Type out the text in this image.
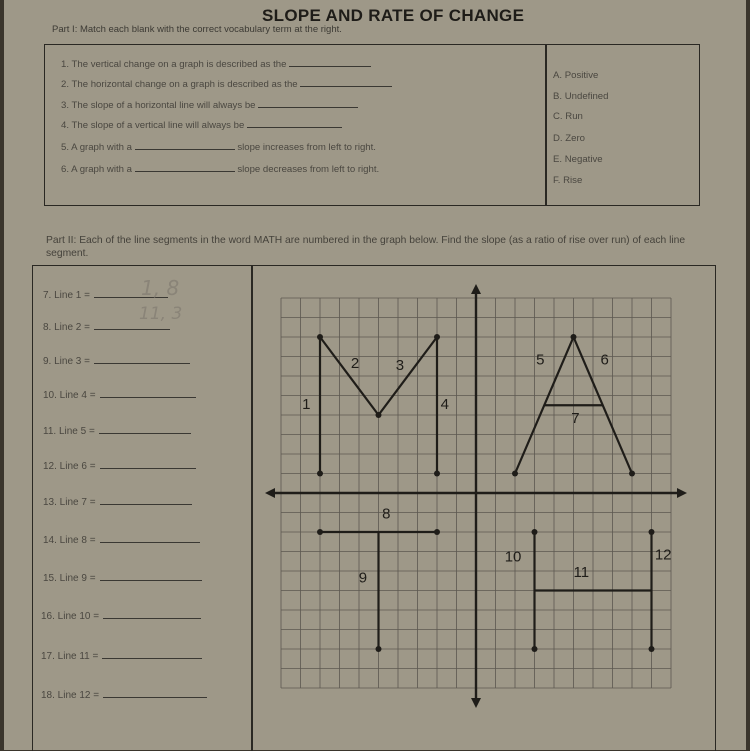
SLOPE AND RATE OF CHANGE
Part I: Match each blank with the correct vocabulary term at the right.
1. The vertical change on a graph is described as the
2. The horizontal change on a graph is described as the
3. The slope of a horizontal line will always be
4. The slope of a vertical line will always be
5. A graph with a	slope increases from left to right.
6. A graph with a	slope decreases from left to right.
A. Positive
B. Undefined
C. Run
D. Zero
E. Negative
F. Rise
Part II: Each of the line segments in the word MATH are numbered in the graph below. Find the slope (as a ratio of rise over run) of each line segment.
7. Line 1 =
8. Line 2 =
9. Line 3 =
10. Line 4 =
11. Line 5 =
12. Line 6 =
13. Line 7 =
14. Line 8 =
15. Line 9 =
16. Line 10 =
17. Line 11 =
18. Line 12 =
1, 8
11, 3
1
2 3
4
5	6
7
8
9
10
11
12
